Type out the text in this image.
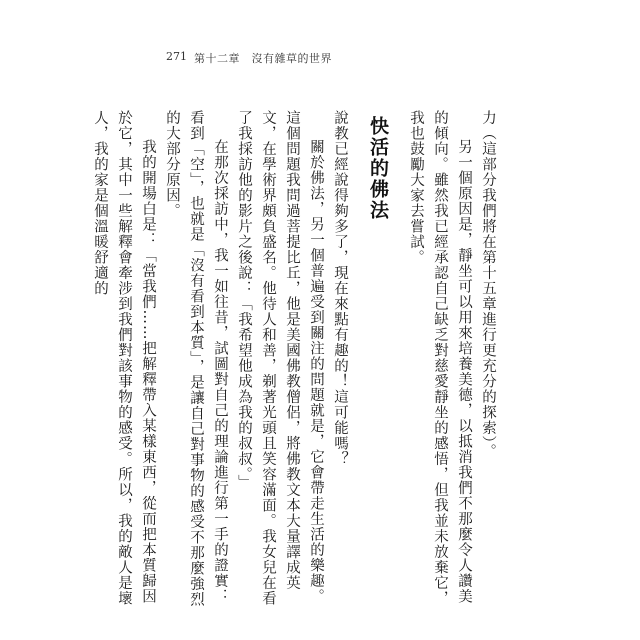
271 第十二章　沒有雜草的世界

力（這部分我們將在第十五章進行更充分的探索）。

另一個原因是，靜坐可以用來培養美德，以抵消我們不那麼令人讚美的傾向。雖然我已經承認自己缺乏對慈愛靜坐的感悟，但我並未放棄它，我也鼓勵大家去嘗試。

快活的佛法

說教已經說得夠多了，現在來點有趣的！這可能嗎？

關於佛法，另一個普遍受到關注的問題就是，它會帶走生活的樂趣。這個問題我問過菩提比丘，他是美國佛教僧侶，將佛教文本大量譯成英文，在學術界頗負盛名。他待人和善，剃著光頭且笑容滿面。我女兒在看了我採訪他的影片之後說：「我希望他成為我的叔叔。」

在那次採訪中，我一如往昔，試圖對自己的理論進行第一手的證實：看到「空」，也就是「沒有看到本質」，是讓自己對事物的感受不那麼強烈的大部分原因。

我的開場白是：「當我們……把解釋帶入某樣東西，從而把本質歸因於它，其中一些解釋會牽涉到我們對該事物的感受。所以，我的敵人是壞人，我的家是個溫暖舒適的
